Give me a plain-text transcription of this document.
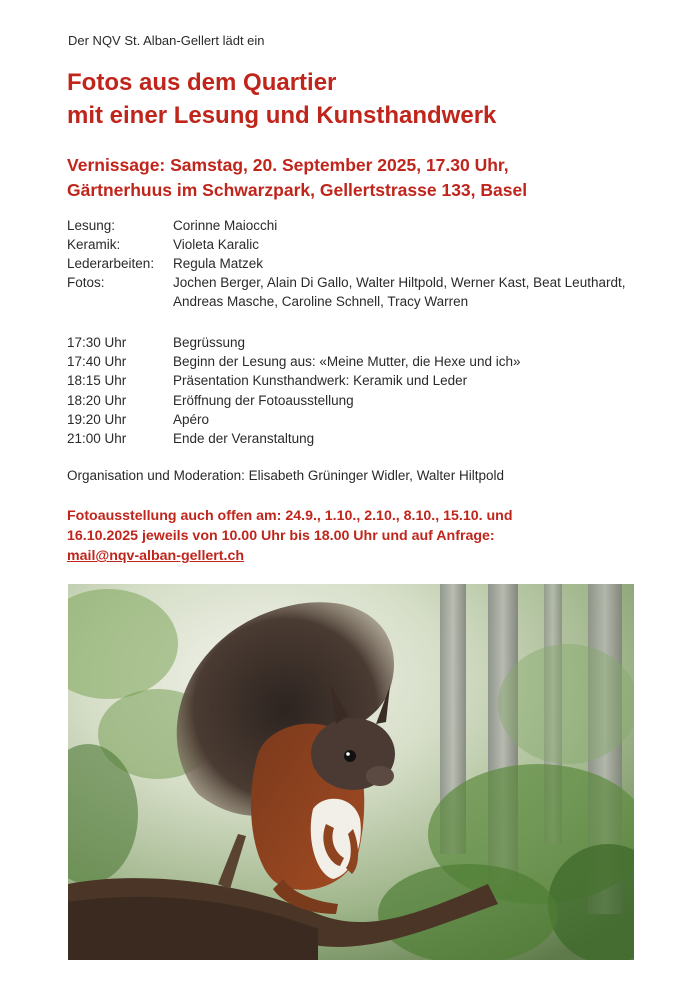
Der NQV St. Alban-Gellert lädt ein
Fotos aus dem Quartier
mit einer Lesung und Kunsthandwerk
Vernissage: Samstag, 20. September 2025, 17.30 Uhr,
Gärtnerhuus im Schwarzpark, Gellertstrasse 133, Basel
Lesung:	Corinne Maiocchi
Keramik:	Violeta Karalic
Lederarbeiten:	Regula Matzek
Fotos:	Jochen Berger, Alain Di Gallo, Walter Hiltpold, Werner Kast, Beat Leuthardt, Andreas Masche, Caroline Schnell, Tracy Warren
17:30 Uhr	Begrüssung
17:40 Uhr	Beginn der Lesung aus: «Meine Mutter, die Hexe und ich»
18:15 Uhr	Präsentation Kunsthandwerk: Keramik und Leder
18:20 Uhr	Eröffnung der Fotoausstellung
19:20 Uhr	Apéro
21:00 Uhr	Ende der Veranstaltung
Organisation und Moderation: Elisabeth Grüninger Widler, Walter Hiltpold
Fotoausstellung auch offen am: 24.9., 1.10., 2.10., 8.10., 15.10. und
16.10.2025 jeweils von 10.00 Uhr bis 18.00 Uhr und auf Anfrage:
mail@nqv-alban-gellert.ch
